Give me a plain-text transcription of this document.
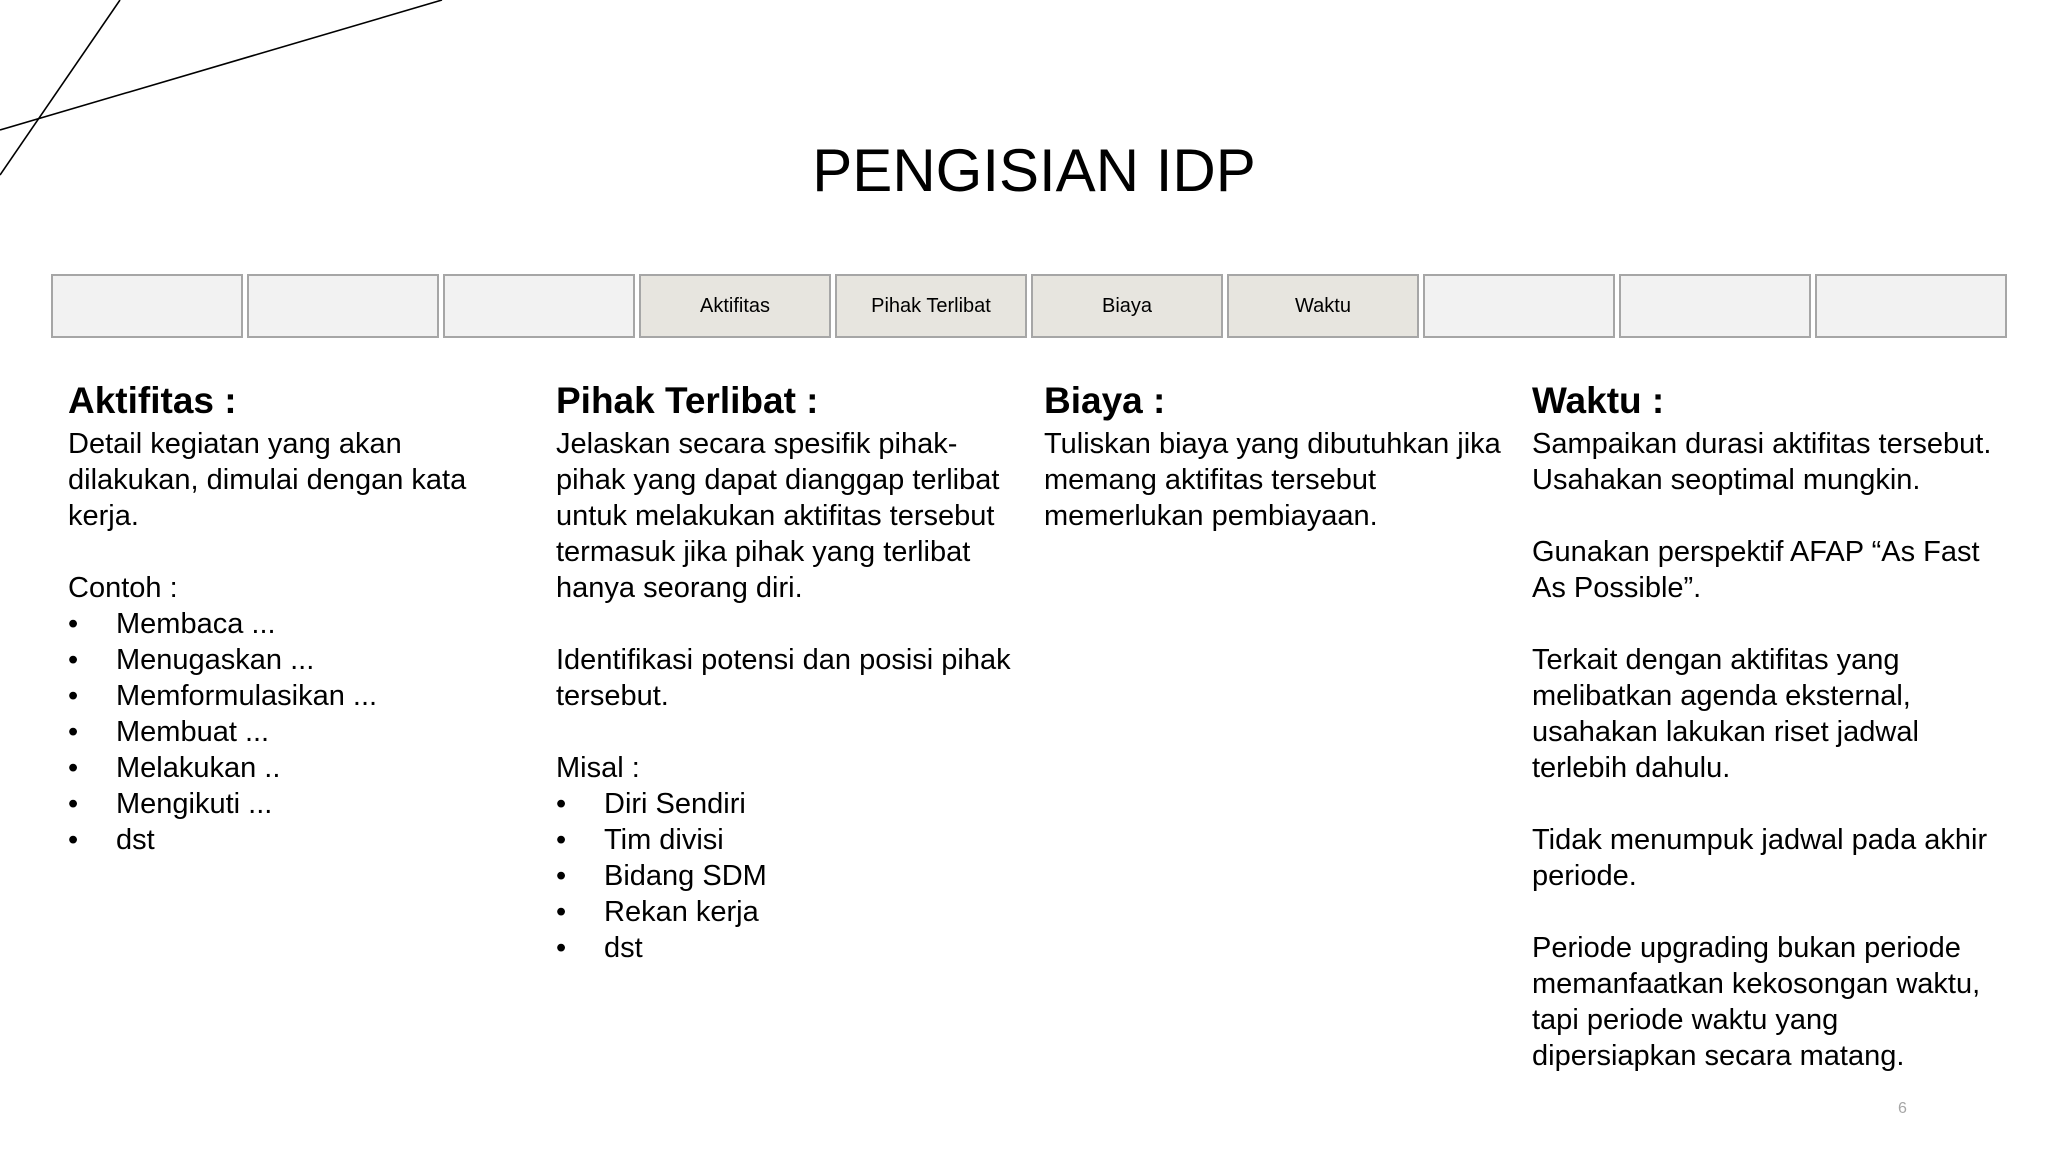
PENGISIAN IDP
Aktifitas	Pihak Terlibat	Biaya	Waktu
Aktifitas :

Detail kegiatan yang akan dilakukan, dimulai dengan kata kerja.

Contoh :

• Membaca ...
• Menugaskan ...
• Memformulasikan ...
• Membuat ...
• Melakukan ..
• Mengikuti ...
• dst
Pihak Terlibat :

Jelaskan secara spesifik pihak-pihak yang dapat dianggap terlibat untuk melakukan aktifitas tersebut termasuk jika pihak yang terlibat hanya seorang diri.

Identifikasi potensi dan posisi pihak tersebut.

Misal :

• Diri Sendiri
• Tim divisi
• Bidang SDM
• Rekan kerja
• dst
Biaya :

Tuliskan biaya yang dibutuhkan jika memang aktifitas tersebut memerlukan pembiayaan.

Waktu :

Sampaikan durasi aktifitas tersebut. Usahakan seoptimal mungkin.

Gunakan perspektif AFAP “As Fast As Possible”.

Terkait dengan aktifitas yang melibatkan agenda eksternal, usahakan lakukan riset jadwal terlebih dahulu.

Tidak menumpuk jadwal pada akhir periode.

Periode upgrading bukan periode memanfaatkan kekosongan waktu, tapi periode waktu yang dipersiapkan secara matang.

6
